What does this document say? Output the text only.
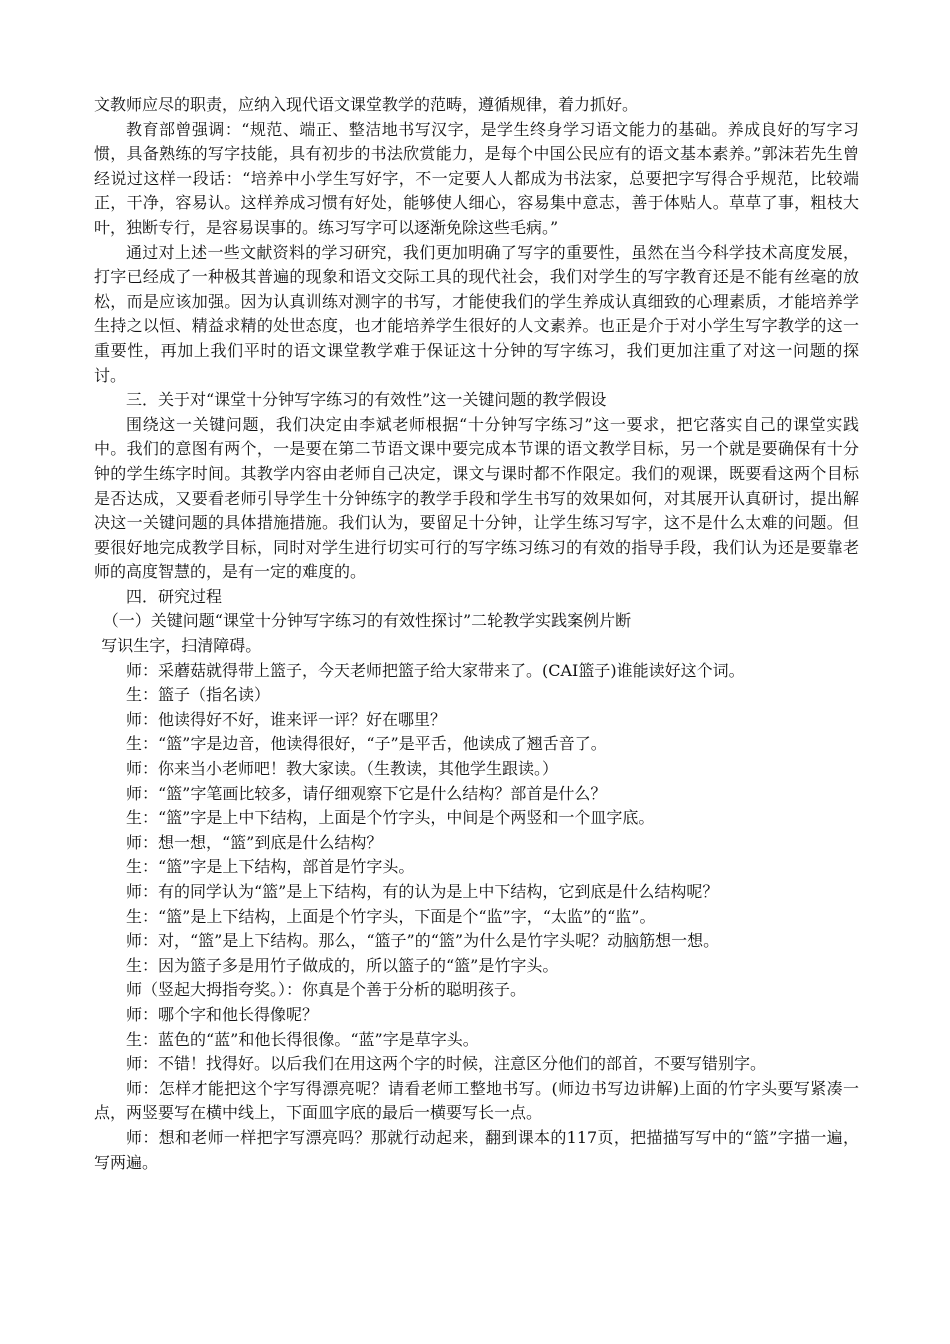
文教师应尽的职责，应纳入现代语文课堂教学的范畴，遵循规律，着力抓好。

教育部曾强调：“规范、端正、整洁地书写汉字，是学生终身学习语文能力的基础。养成良好的写字习惯，具备熟练的写字技能，具有初步的书法欣赏能力，是每个中国公民应有的语文基本素养。”郭沫若先生曾经说过这样一段话：“培养中小学生写好字，不一定要人人都成为书法家，总要把字写得合乎规范，比较端正，干净，容易认。这样养成习惯有好处，能够使人细心，容易集中意志，善于体贴人。草草了事，粗枝大叶，独断专行，是容易误事的。练习写字可以逐渐免除这些毛病。”

通过对上述一些文献资料的学习研究，我们更加明确了写字的重要性，虽然在当今科学技术高度发展，打字已经成了一种极其普遍的现象和语文交际工具的现代社会，我们对学生的写字教育还是不能有丝毫的放松，而是应该加强。因为认真训练对测字的书写，才能使我们的学生养成认真细致的心理素质，才能培养学生持之以恒、精益求精的处世态度，也才能培养学生很好的人文素养。也正是介于对小学生写字教学的这一重要性，再加上我们平时的语文课堂教学难于保证这十分钟的写字练习，我们更加注重了对这一问题的探讨。

三．关于对“课堂十分钟写字练习的有效性”这一关键问题的教学假设

围绕这一关键问题，我们决定由李斌老师根据“十分钟写字练习”这一要求，把它落实自己的课堂实践中。我们的意图有两个，一是要在第二节语文课中要完成本节课的语文教学目标，另一个就是要确保有十分钟的学生练字时间。其教学内容由老师自己决定，课文与课时都不作限定。我们的观课，既要看这两个目标是否达成，又要看老师引导学生十分钟练字的教学手段和学生书写的效果如何，对其展开认真研讨，提出解决这一关键问题的具体措施措施。我们认为，要留足十分钟，让学生练习写字，这不是什么太难的问题。但要很好地完成教学目标，同时对学生进行切实可行的写字练习练习的有效的指导手段，我们认为还是要靠老师的高度智慧的，是有一定的难度的。

四．研究过程

（一）关键问题“课堂十分钟写字练习的有效性探讨”二轮教学实践案例片断

写识生字，扫清障碍。

师：采蘑菇就得带上篮子，今天老师把篮子给大家带来了。(CAI篮子)谁能读好这个词。

生：篮子（指名读）

师：他读得好不好，谁来评一评？好在哪里？

生：“篮”字是边音，他读得很好，“子”是平舌，他读成了翘舌音了。

师：你来当小老师吧！教大家读。（生教读，其他学生跟读。）

师：“篮”字笔画比较多，请仔细观察下它是什么结构？部首是什么？

生：“篮”字是上中下结构，上面是个竹字头，中间是个两竖和一个皿字底。

师：想一想，“篮”到底是什么结构？

生：“篮”字是上下结构，部首是竹字头。

师：有的同学认为“篮”是上下结构，有的认为是上中下结构，它到底是什么结构呢？

生：“篮”是上下结构，上面是个竹字头，下面是个“监”字，“太监”的“监”。

师：对，“篮”是上下结构。那么，“篮子”的“篮”为什么是竹字头呢？动脑筋想一想。

生：因为篮子多是用竹子做成的，所以篮子的“篮”是竹字头。

师（竖起大拇指夸奖。）：你真是个善于分析的聪明孩子。

师：哪个字和他长得像呢？

生：蓝色的“蓝”和他长得很像。“蓝”字是草字头。

师：不错！找得好。以后我们在用这两个字的时候，注意区分他们的部首，不要写错别字。

师：怎样才能把这个字写得漂亮呢？请看老师工整地书写。(师边书写边讲解)上面的竹字头要写紧凑一点，两竖要写在横中线上，下面皿字底的最后一横要写长一点。

师：想和老师一样把字写漂亮吗？那就行动起来，翻到课本的117页，把描描写写中的“篮”字描一遍，写两遍。
